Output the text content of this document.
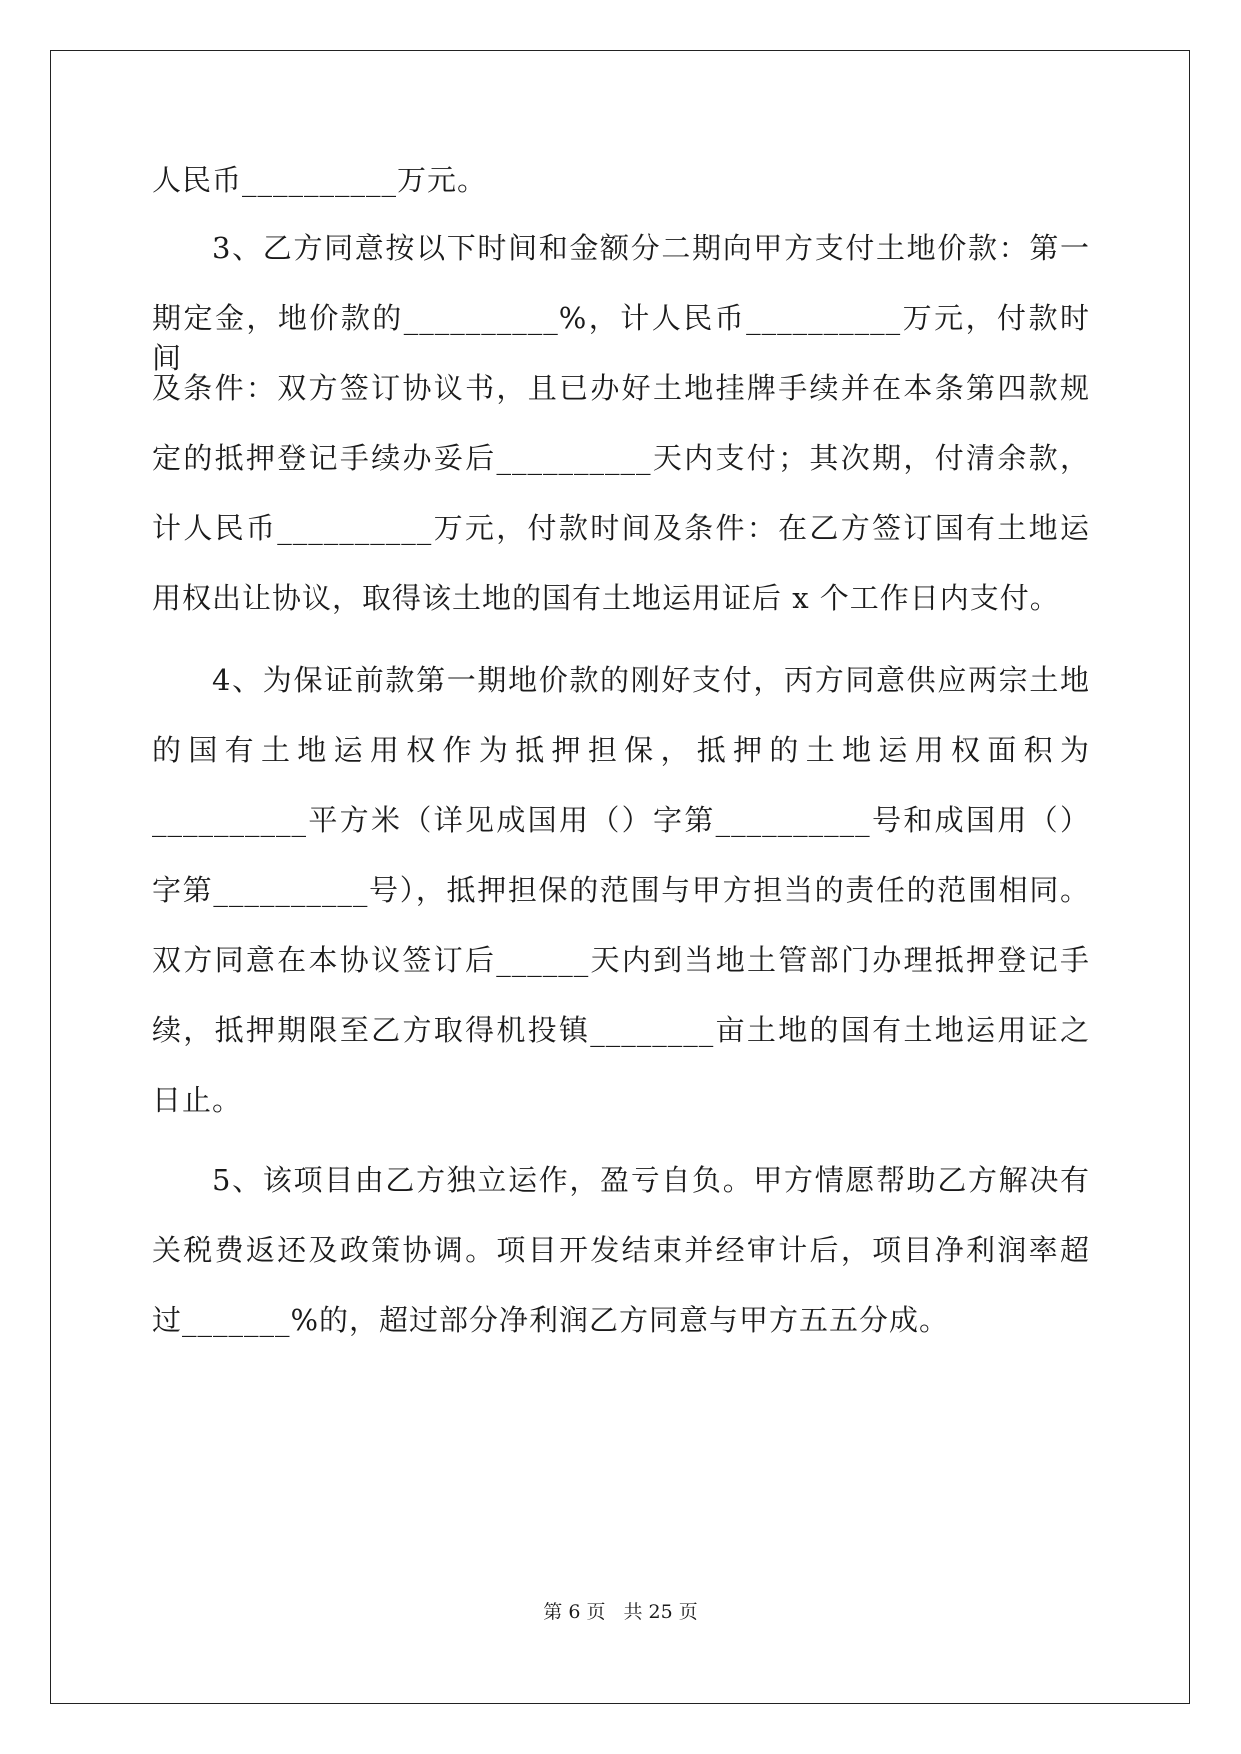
人民币__________万元。
3、乙方同意按以下时间和金额分二期向甲方支付土地价款：第一
期定金，地价款的__________%，计人民币__________万元，付款时间
及条件：双方签订协议书，且已办好土地挂牌手续并在本条第四款规
定的抵押登记手续办妥后__________天内支付；其次期，付清余款，
计人民币__________万元，付款时间及条件：在乙方签订国有土地运
用权出让协议，取得该土地的国有土地运用证后 x 个工作日内支付。
4、为保证前款第一期地价款的刚好支付，丙方同意供应两宗土地
的国有土地运用权作为抵押担保，抵押的土地运用权面积为
__________平方米（详见成国用（）字第__________号和成国用（）
字第__________号），抵押担保的范围与甲方担当的责任的范围相同。
双方同意在本协议签订后______天内到当地土管部门办理抵押登记手
续，抵押期限至乙方取得机投镇________亩土地的国有土地运用证之
日止。
5、该项目由乙方独立运作，盈亏自负。甲方情愿帮助乙方解决有
关税费返还及政策协调。项目开发结束并经审计后，项目净利润率超
过_______%的，超过部分净利润乙方同意与甲方五五分成。
第 6 页 共 25 页
